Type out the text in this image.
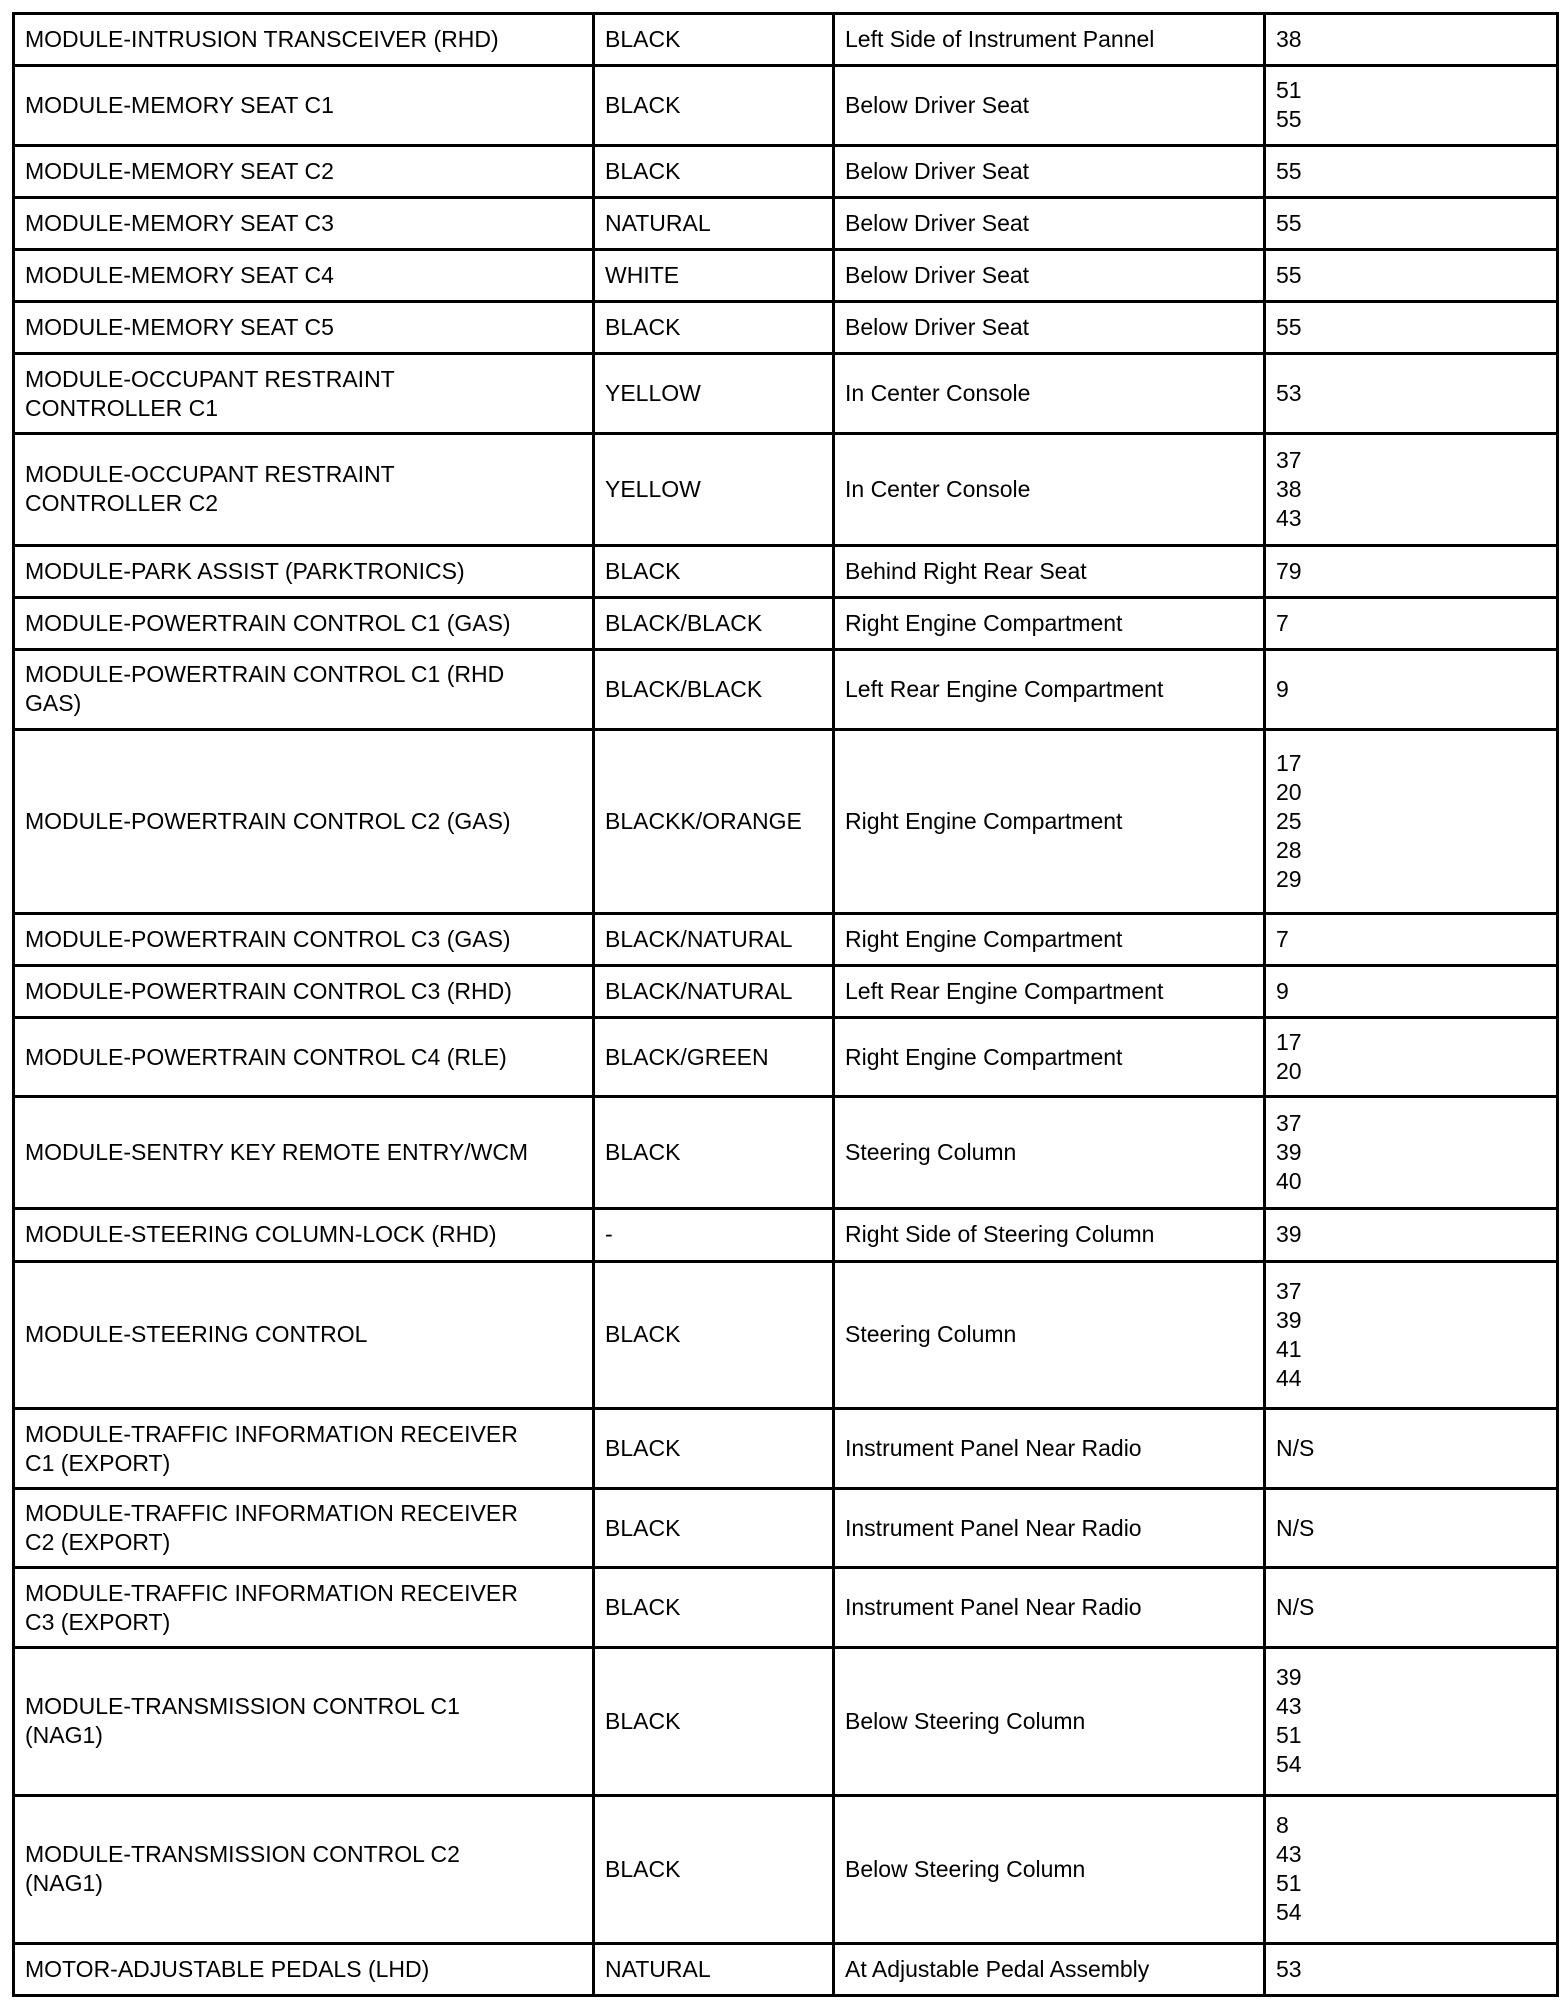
MODULE-INTRUSION TRANSCEIVER (RHD)	BLACK	Left Side of Instrument Pannel	38
MODULE-MEMORY SEAT C1	BLACK	Below Driver Seat	51
55
MODULE-MEMORY SEAT C2	BLACK	Below Driver Seat	55
MODULE-MEMORY SEAT C3	NATURAL	Below Driver Seat	55
MODULE-MEMORY SEAT C4	WHITE	Below Driver Seat	55
MODULE-MEMORY SEAT C5	BLACK	Below Driver Seat	55
MODULE-OCCUPANT RESTRAINT
CONTROLLER C1	YELLOW	In Center Console	53
MODULE-OCCUPANT RESTRAINT
CONTROLLER C2	YELLOW	In Center Console	37
38
43
MODULE-PARK ASSIST (PARKTRONICS)	BLACK	Behind Right Rear Seat	79
MODULE-POWERTRAIN CONTROL C1 (GAS)	BLACK/BLACK	Right Engine Compartment	7
MODULE-POWERTRAIN CONTROL C1 (RHD
GAS)	BLACK/BLACK	Left Rear Engine Compartment	9
MODULE-POWERTRAIN CONTROL C2 (GAS)	BLACKK/ORANGE	Right Engine Compartment	17
20
25
28
29
MODULE-POWERTRAIN CONTROL C3 (GAS)	BLACK/NATURAL	Right Engine Compartment	7
MODULE-POWERTRAIN CONTROL C3 (RHD)	BLACK/NATURAL	Left Rear Engine Compartment	9
MODULE-POWERTRAIN CONTROL C4 (RLE)	BLACK/GREEN	Right Engine Compartment	17
20
MODULE-SENTRY KEY REMOTE ENTRY/WCM	BLACK	Steering Column	37
39
40
MODULE-STEERING COLUMN-LOCK (RHD)	-	Right Side of Steering Column	39
MODULE-STEERING CONTROL	BLACK	Steering Column	37
39
41
44
MODULE-TRAFFIC INFORMATION RECEIVER
C1 (EXPORT)	BLACK	Instrument Panel Near Radio	N/S
MODULE-TRAFFIC INFORMATION RECEIVER
C2 (EXPORT)	BLACK	Instrument Panel Near Radio	N/S
MODULE-TRAFFIC INFORMATION RECEIVER
C3 (EXPORT)	BLACK	Instrument Panel Near Radio	N/S
MODULE-TRANSMISSION CONTROL C1
(NAG1)	BLACK	Below Steering Column	39
43
51
54
MODULE-TRANSMISSION CONTROL C2
(NAG1)	BLACK	Below Steering Column	8
43
51
54
MOTOR-ADJUSTABLE PEDALS (LHD)	NATURAL	At Adjustable Pedal Assembly	53
